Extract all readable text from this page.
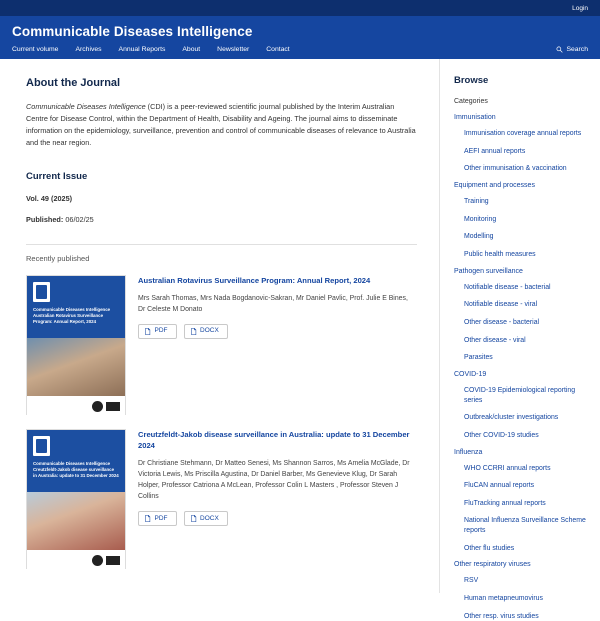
Login
Communicable Diseases Intelligence
Current volume	Archives	Annual Reports	About	Newsletter	Contact	Search
About the Journal

Communicable Diseases Intelligence (CDI) is a peer-reviewed scientific journal published by the Interim Australian Centre for Disease Control, within the Department of Health, Disability and Ageing. The journal aims to disseminate information on the epidemiology, surveillance, prevention and control of communicable diseases of relevance to Australia and the near region.

Current Issue
Vol. 49 (2025)
Published: 06/02/25
Recently published
Communicable Diseases Intelligence Australian Rotavirus Surveillance Program: Annual Report, 2024
Australian Rotavirus Surveillance Program: Annual Report, 2024
Mrs Sarah Thomas, Mrs Nada Bogdanovic-Sakran, Mr Daniel Pavlic, Prof. Julie E Bines, Dr Celeste M Donato
PDF	DOCX
Communicable Diseases Intelligence Creutzfeldt-Jakob disease surveillance in Australia: update to 31 December 2024
Creutzfeldt-Jakob disease surveillance in Australia: update to 31 December 2024
Dr Christiane Stehmann, Dr Matteo Senesi, Ms Shannon Sarros, Ms Amelia McGlade, Dr Victoria Lewis, Ms Priscilla Agustina, Dr Daniel Barber, Ms Genevieve Klug, Dr Sarah Holper, Professor Catriona A McLean, Professor Colin L Masters , Professor Steven J Collins
PDF	DOCX
Browse
Categories
Immunisation
Immunisation coverage annual reports
AEFI annual reports
Other immunisation & vaccination
Equipment and processes
Training
Monitoring
Modelling
Public health measures
Pathogen surveillance
Notifiable disease - bacterial
Notifiable disease - viral
Other disease - bacterial
Other disease - viral
Parasites
COVID-19
COVID-19 Epidemiological reporting series
Outbreak/cluster investigations
Other COVID-19 studies
Influenza
WHO CCRRI annual reports
FluCAN annual reports
FluTracking annual reports
National Influenza Surveillance Scheme reports
Other flu studies
Other respiratory viruses
RSV
Human metapneumovirus
Other resp. virus studies
